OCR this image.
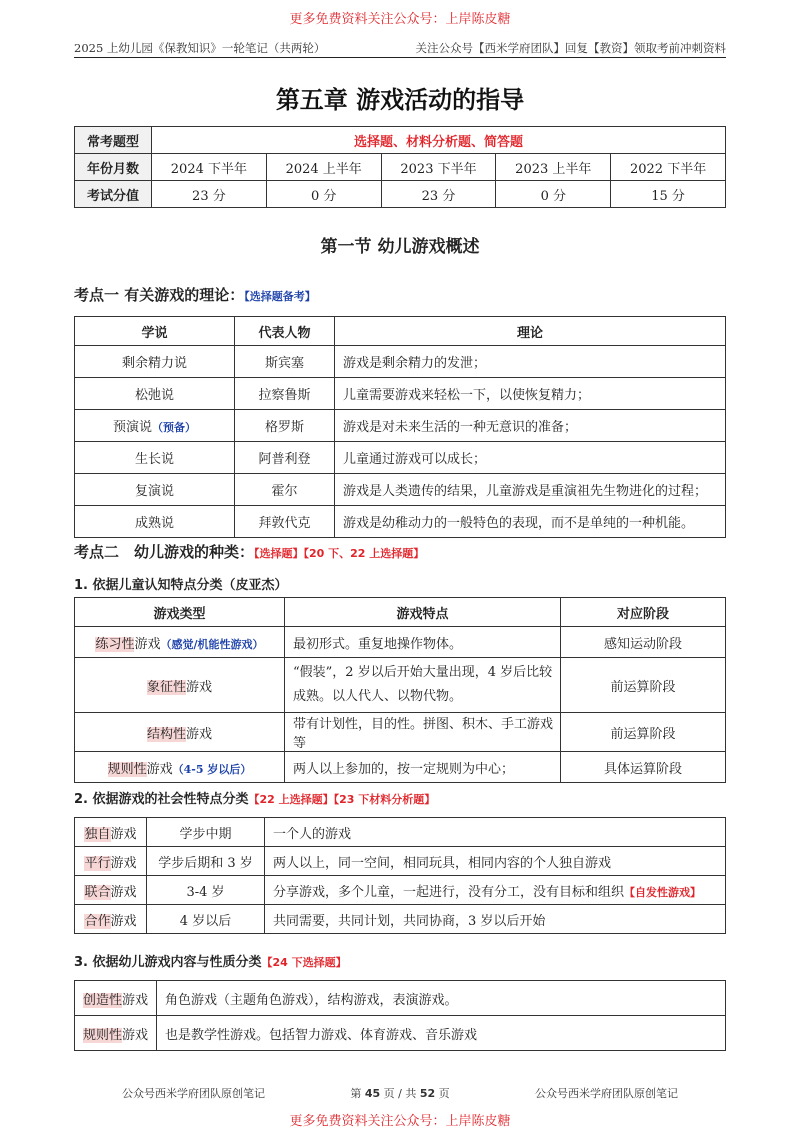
更多免费资料关注公众号：上岸陈皮糖
2025 上幼儿园《保教知识》一轮笔记（共两轮）	关注公众号【西米学府团队】回复【教资】领取考前冲刺资料
第五章 游戏活动的指导
常考题型	选择题、材料分析题、简答题				
年份月数	2024 下半年	2024 上半年	2023 下半年	2023 上半年	2022 下半年
考试分值	23 分	0 分	23 分	0 分	15 分
第一节 幼儿游戏概述
考点一 有关游戏的理论：【选择题备考】
学说	代表人物	理论
剩余精力说	斯宾塞	游戏是剩余精力的发泄；
松弛说	拉察鲁斯	儿童需要游戏来轻松一下，以使恢复精力；
预演说（预备）	格罗斯	游戏是对未来生活的一种无意识的准备；
生长说	阿普利登	儿童通过游戏可以成长；
复演说	霍尔	游戏是人类遗传的结果，儿童游戏是重演祖先生物进化的过程；
成熟说	拜敦代克	游戏是幼稚动力的一般特色的表现，而不是单纯的一种机能。
考点二　幼儿游戏的种类：【选择题】【20 下、22 上选择题】
1. 依据儿童认知特点分类（皮亚杰）
游戏类型	游戏特点	对应阶段
练习性游戏（感觉/机能性游戏）	最初形式。重复地操作物体。	感知运动阶段
象征性游戏	“假装”，2 岁以后开始大量出现，4 岁后比较成熟。以人代人、以物代物。	前运算阶段
结构性游戏	带有计划性，目的性。拼图、积木、手工游戏等	前运算阶段
规则性游戏（4-5 岁以后）	两人以上参加的，按一定规则为中心；	具体运算阶段
2. 依据游戏的社会性特点分类【22 上选择题】【23 下材料分析题】
独自游戏	学步中期	一个人的游戏
平行游戏	学步后期和 3 岁	两人以上，同一空间，相同玩具，相同内容的个人独自游戏
联合游戏	3-4 岁	分享游戏，多个儿童，一起进行，没有分工，没有目标和组织【自发性游戏】
合作游戏	4 岁以后	共同需要，共同计划，共同协商，3 岁以后开始
3. 依据幼儿游戏内容与性质分类【24 下选择题】
创造性游戏	角色游戏（主题角色游戏），结构游戏，表演游戏。
规则性游戏	也是教学性游戏。包括智力游戏、体育游戏、音乐游戏
公众号西米学府团队原创笔记	第 45 页 / 共 52 页	公众号西米学府团队原创笔记
更多免费资料关注公众号：上岸陈皮糖
